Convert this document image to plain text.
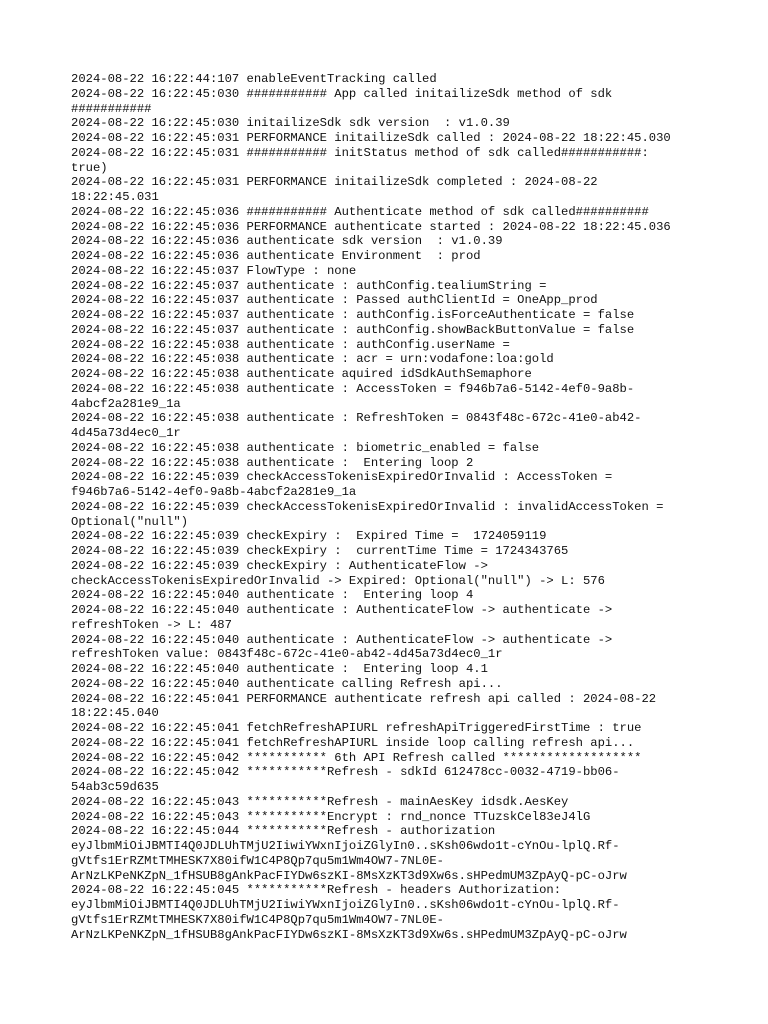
2024-08-22 16:22:44:107 enableEventTracking called
2024-08-22 16:22:45:030 ########### App called initailizeSdk method of sdk
###########
2024-08-22 16:22:45:030 initailizeSdk sdk version  : v1.0.39
2024-08-22 16:22:45:031 PERFORMANCE initailizeSdk called : 2024-08-22 18:22:45.030
2024-08-22 16:22:45:031 ########### initStatus method of sdk called###########:
true)
2024-08-22 16:22:45:031 PERFORMANCE initailizeSdk completed : 2024-08-22
18:22:45.031
2024-08-22 16:22:45:036 ########### Authenticate method of sdk called##########
2024-08-22 16:22:45:036 PERFORMANCE authenticate started : 2024-08-22 18:22:45.036
2024-08-22 16:22:45:036 authenticate sdk version  : v1.0.39
2024-08-22 16:22:45:036 authenticate Environment  : prod
2024-08-22 16:22:45:037 FlowType : none
2024-08-22 16:22:45:037 authenticate : authConfig.tealiumString =
2024-08-22 16:22:45:037 authenticate : Passed authClientId = OneApp_prod
2024-08-22 16:22:45:037 authenticate : authConfig.isForceAuthenticate = false
2024-08-22 16:22:45:037 authenticate : authConfig.showBackButtonValue = false
2024-08-22 16:22:45:038 authenticate : authConfig.userName =
2024-08-22 16:22:45:038 authenticate : acr = urn:vodafone:loa:gold
2024-08-22 16:22:45:038 authenticate aquired idSdkAuthSemaphore
2024-08-22 16:22:45:038 authenticate : AccessToken = f946b7a6-5142-4ef0-9a8b-
4abcf2a281e9_1a
2024-08-22 16:22:45:038 authenticate : RefreshToken = 0843f48c-672c-41e0-ab42-
4d45a73d4ec0_1r
2024-08-22 16:22:45:038 authenticate : biometric_enabled = false
2024-08-22 16:22:45:038 authenticate :  Entering loop 2
2024-08-22 16:22:45:039 checkAccessTokenisExpiredOrInvalid : AccessToken =
f946b7a6-5142-4ef0-9a8b-4abcf2a281e9_1a
2024-08-22 16:22:45:039 checkAccessTokenisExpiredOrInvalid : invalidAccessToken =
Optional("null")
2024-08-22 16:22:45:039 checkExpiry :  Expired Time =  1724059119
2024-08-22 16:22:45:039 checkExpiry :  currentTime Time = 1724343765
2024-08-22 16:22:45:039 checkExpiry : AuthenticateFlow ->
checkAccessTokenisExpiredOrInvalid -> Expired: Optional("null") -> L: 576
2024-08-22 16:22:45:040 authenticate :  Entering loop 4
2024-08-22 16:22:45:040 authenticate : AuthenticateFlow -> authenticate ->
refreshToken -> L: 487
2024-08-22 16:22:45:040 authenticate : AuthenticateFlow -> authenticate ->
refreshToken value: 0843f48c-672c-41e0-ab42-4d45a73d4ec0_1r
2024-08-22 16:22:45:040 authenticate :  Entering loop 4.1
2024-08-22 16:22:45:040 authenticate calling Refresh api...
2024-08-22 16:22:45:041 PERFORMANCE authenticate refresh api called : 2024-08-22
18:22:45.040
2024-08-22 16:22:45:041 fetchRefreshAPIURL refreshApiTriggeredFirstTime : true
2024-08-22 16:22:45:041 fetchRefreshAPIURL inside loop calling refresh api...
2024-08-22 16:22:45:042 *********** 6th API Refresh called *******************
2024-08-22 16:22:45:042 ***********Refresh - sdkId 612478cc-0032-4719-bb06-
54ab3c59d635
2024-08-22 16:22:45:043 ***********Refresh - mainAesKey idsdk.AesKey
2024-08-22 16:22:45:043 ***********Encrypt : rnd_nonce TTuzskCel83eJ4lG
2024-08-22 16:22:45:044 ***********Refresh - authorization
eyJlbmMiOiJBMTI4Q0JDLUhTMjU2IiwiYWxnIjoiZGlyIn0..sKsh06wdo1t-cYnOu-lplQ.Rf-
gVtfs1ErRZMtTMHESK7X80ifW1C4P8Qp7qu5m1Wm4OW7-7NL0E-
ArNzLKPeNKZpN_1fHSUB8gAnkPacFIYDw6szKI-8MsXzKT3d9Xw6s.sHPedmUM3ZpAyQ-pC-oJrw
2024-08-22 16:22:45:045 ***********Refresh - headers Authorization:
eyJlbmMiOiJBMTI4Q0JDLUhTMjU2IiwiYWxnIjoiZGlyIn0..sKsh06wdo1t-cYnOu-lplQ.Rf-
gVtfs1ErRZMtTMHESK7X80ifW1C4P8Qp7qu5m1Wm4OW7-7NL0E-
ArNzLKPeNKZpN_1fHSUB8gAnkPacFIYDw6szKI-8MsXzKT3d9Xw6s.sHPedmUM3ZpAyQ-pC-oJrw
